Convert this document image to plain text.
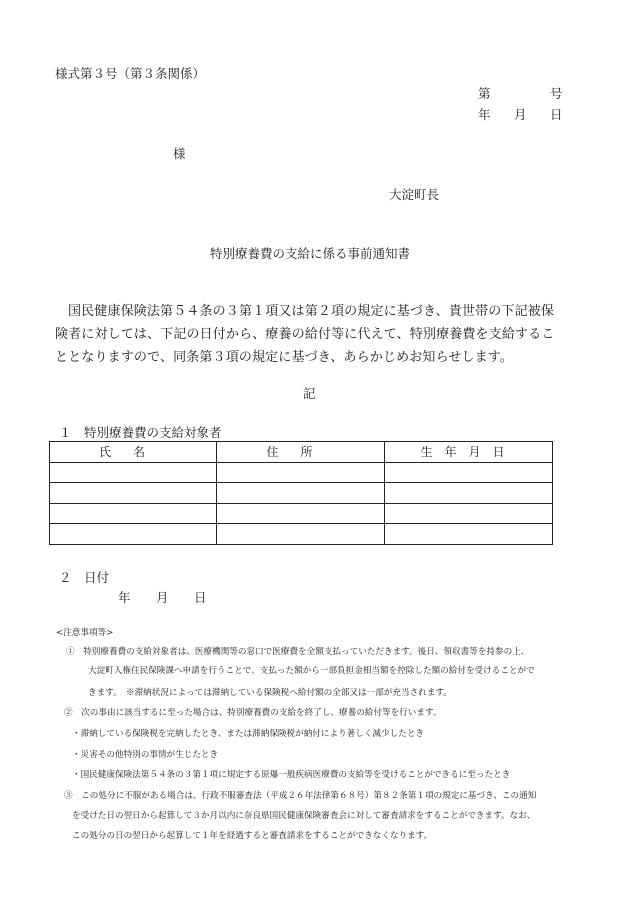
様式第３号（第３条関係）
第	号
年 月 日
様
大淀町長
特別療養費の支給に係る事前通知書
国民健康保険法第５４条の３第１項又は第２項の規定に基づき、貴世帯の下記被保険者に対しては、下記の日付から、療養の給付等に代えて、特別療養費を支給することとなりますので、同条第３項の規定に基づき、あらかじめお知らせします。
記
１　特別療養費の支給対象者
氏名	住所	生年月日

２　日付
年 月 日
<注意事項等>
①　特別療養費の支給対象者は、医療機関等の窓口で医療費を全額支払っていただきます。後日、領収書等を持参の上、
大淀町人権住民保険課へ申請を行うことで、支払った額から一部負担金相当額を控除した額の給付を受けることがで
きます。　※滞納状況によっては滞納している保険税へ給付額の全部又は一部が充当されます。
②　次の事由に該当するに至った場合は、特別療養費の支給を終了し、療養の給付等を行います。
・滞納している保険税を完納したとき、または滞納保険税が納付により著しく減少したとき
・災害その他特別の事情が生じたとき
・国民健康保険法第５４条の３第１項に規定する原爆一般疾病医療費の支給等を受けることができるに至ったとき
③　この処分に不服がある場合は、行政不服審査法（平成２６年法律第６８号）第８２条第１項の規定に基づき、この通知
を受けた日の翌日から起算して３か月以内に奈良県国民健康保険審査会に対して審査請求をすることができます。なお、
この処分の日の翌日から起算して１年を経過すると審査請求をすることができなくなります。
